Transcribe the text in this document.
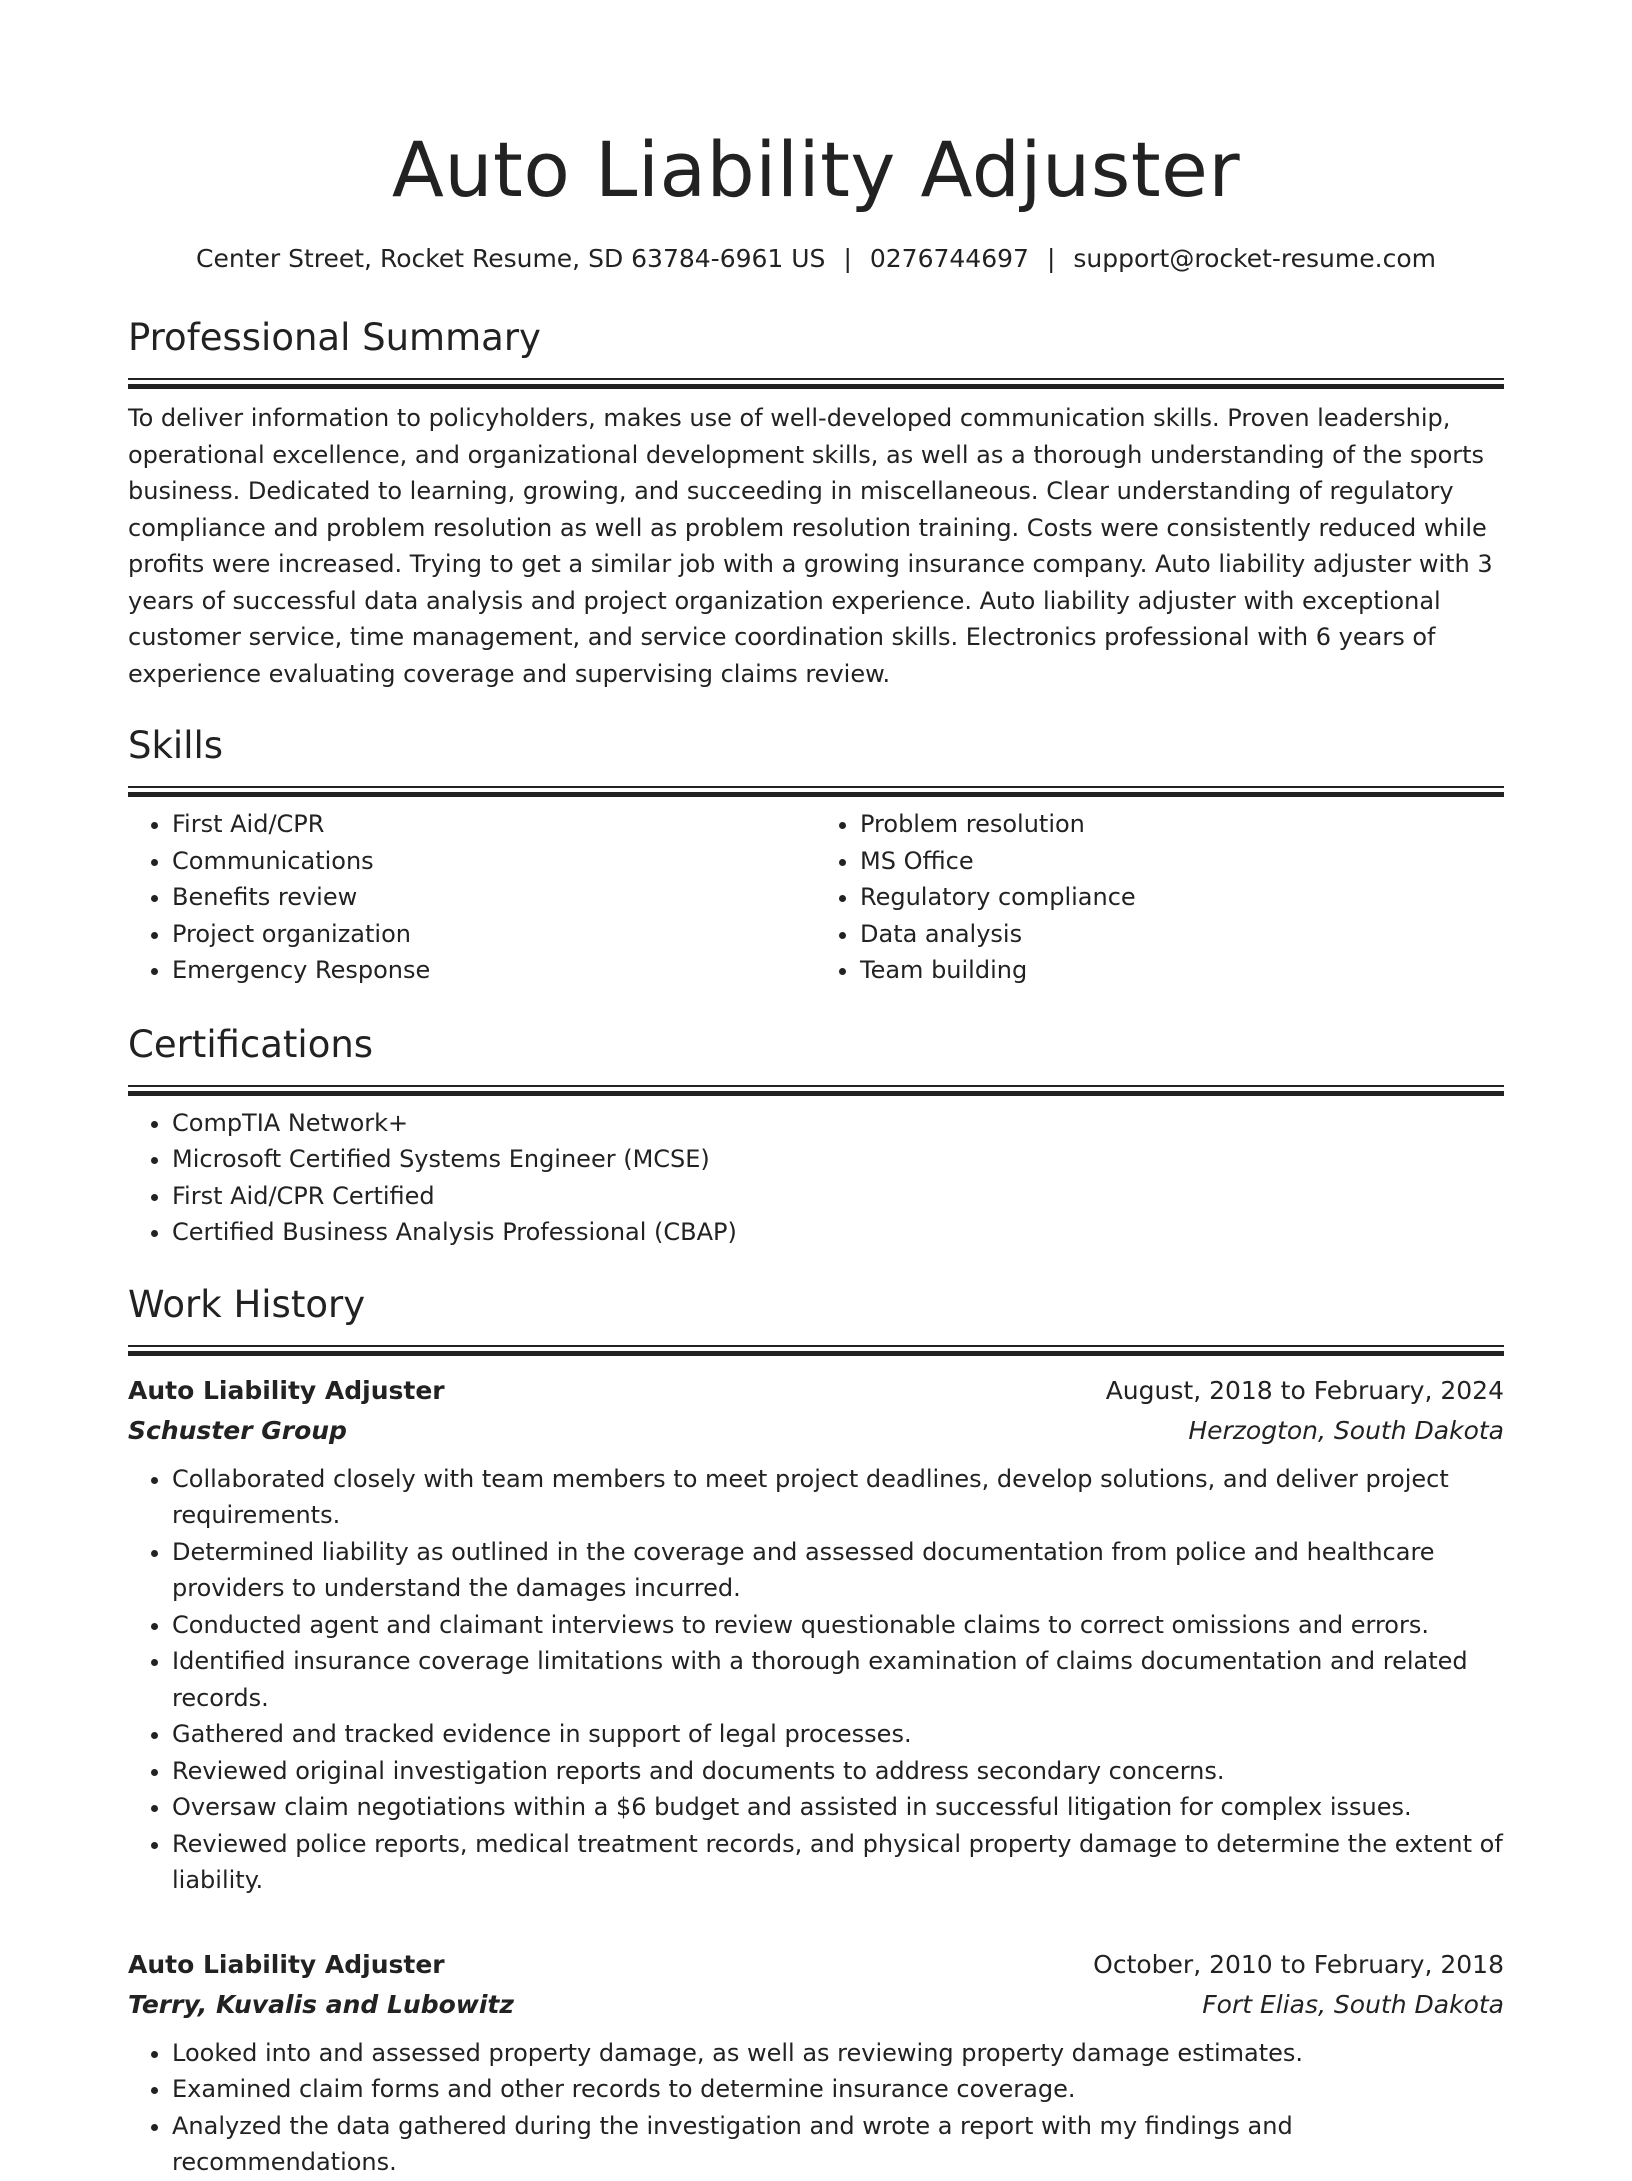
Auto Liability Adjuster
Center Street, Rocket Resume, SD 63784-6961 US | 0276744697 | support@rocket-resume.com
Professional Summary

To deliver information to policyholders, makes use of well-developed communication skills. Proven leadership, operational excellence, and organizational development skills, as well as a thorough understanding of the sports business. Dedicated to learning, growing, and succeeding in miscellaneous. Clear understanding of regulatory compliance and problem resolution as well as problem resolution training. Costs were consistently reduced while profits were increased. Trying to get a similar job with a growing insurance company. Auto liability adjuster with 3 years of successful data analysis and project organization experience. Auto liability adjuster with exceptional customer service, time management, and service coordination skills. Electronics professional with 6 years of experience evaluating coverage and supervising claims review.

Skills
• First Aid/CPR
• Communications
• Benefits review
• Project organization
• Emergency Response
• Problem resolution
• MS Office
• Regulatory compliance
• Data analysis
• Team building
Certifications
• CompTIA Network+
• Microsoft Certified Systems Engineer (MCSE)
• First Aid/CPR Certified
• Certified Business Analysis Professional (CBAP)
Work History
Auto Liability Adjuster	August, 2018 to February, 2024
Schuster Group	Herzogton, South Dakota
• Collaborated closely with team members to meet project deadlines, develop solutions, and deliver project requirements.
• Determined liability as outlined in the coverage and assessed documentation from police and healthcare providers to understand the damages incurred.
• Conducted agent and claimant interviews to review questionable claims to correct omissions and errors.
• Identified insurance coverage limitations with a thorough examination of claims documentation and related records.
• Gathered and tracked evidence in support of legal processes.
• Reviewed original investigation reports and documents to address secondary concerns.
• Oversaw claim negotiations within a $6 budget and assisted in successful litigation for complex issues.
• Reviewed police reports, medical treatment records, and physical property damage to determine the extent of liability.
Auto Liability Adjuster	October, 2010 to February, 2018
Terry, Kuvalis and Lubowitz	Fort Elias, South Dakota
• Looked into and assessed property damage, as well as reviewing property damage estimates.
• Examined claim forms and other records to determine insurance coverage.
• Analyzed the data gathered during the investigation and wrote a report with my findings and recommendations.
